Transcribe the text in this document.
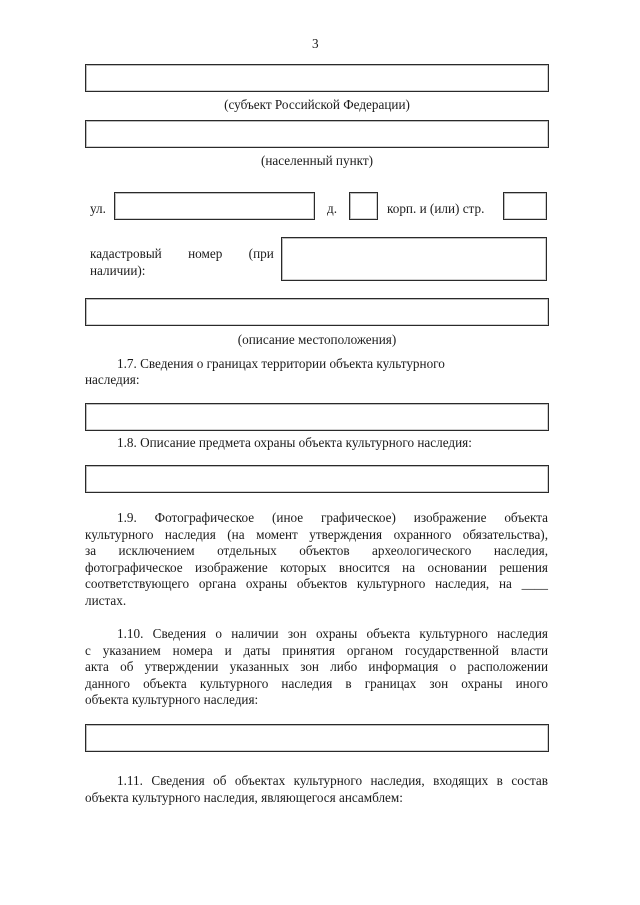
3
(субъект Российской Федерации)
(населенный пункт)
ул.	д.	корп. и (или) стр.
кадастровый        номер        (при
наличии):
(описание местоположения)
1.7. Сведения о границах территории объекта культурного
наследия:
1.8. Описание предмета охраны объекта культурного наследия:
1.9. Фотографическое (иное графическое) изображение объекта
культурного наследия (на момент утверждения охранного обязательства),
за исключением отдельных объектов археологического наследия,
фотографическое изображение которых вносится на основании решения
соответствующего органа охраны объектов культурного наследия, на ____
листах.
1.10. Сведения о наличии зон охраны объекта культурного наследия
с указанием номера и даты принятия органом государственной власти
акта об утверждении указанных зон либо информация о расположении
данного объекта культурного наследия в границах зон охраны иного
объекта культурного наследия:
1.11. Сведения об объектах культурного наследия, входящих в состав
объекта культурного наследия, являющегося ансамблем:
